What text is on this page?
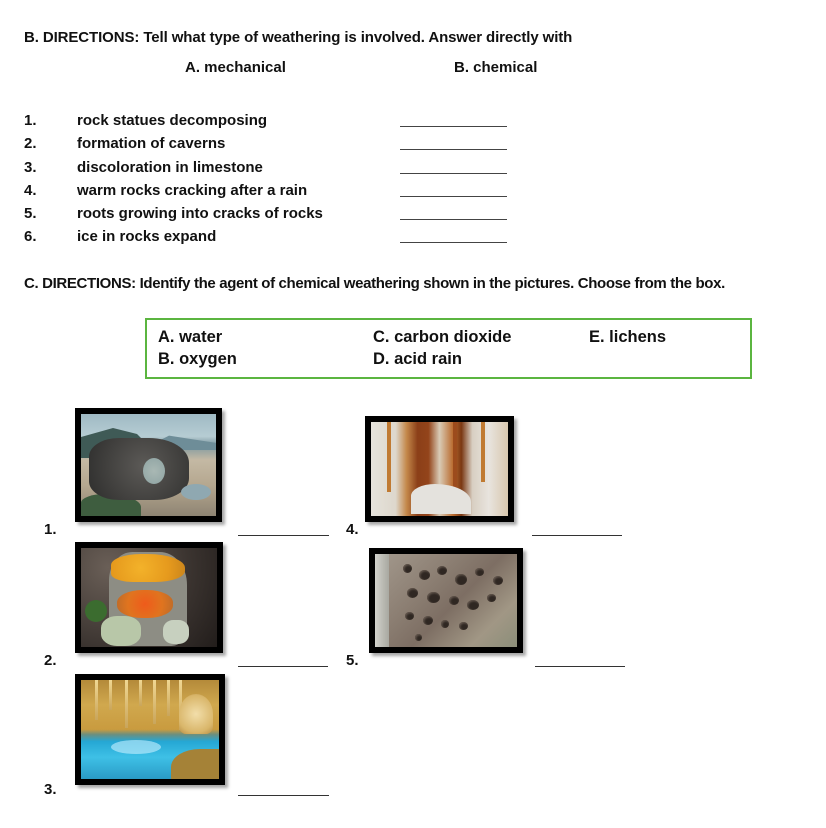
B. DIRECTIONS: Tell what type of weathering is involved. Answer directly with
A. mechanical	B. chemical
1.	rock statues decomposing
2.	formation of caverns
3.	discoloration in limestone
4.	warm rocks cracking after a rain
5.	roots growing into cracks of rocks
6.	ice in rocks expand
C. DIRECTIONS: Identify the agent of chemical weathering shown in the pictures. Choose from the box.
A. water
B. oxygen
C. carbon dioxide
D. acid rain
E. lichens
1.
2.
3.
4.
5.
